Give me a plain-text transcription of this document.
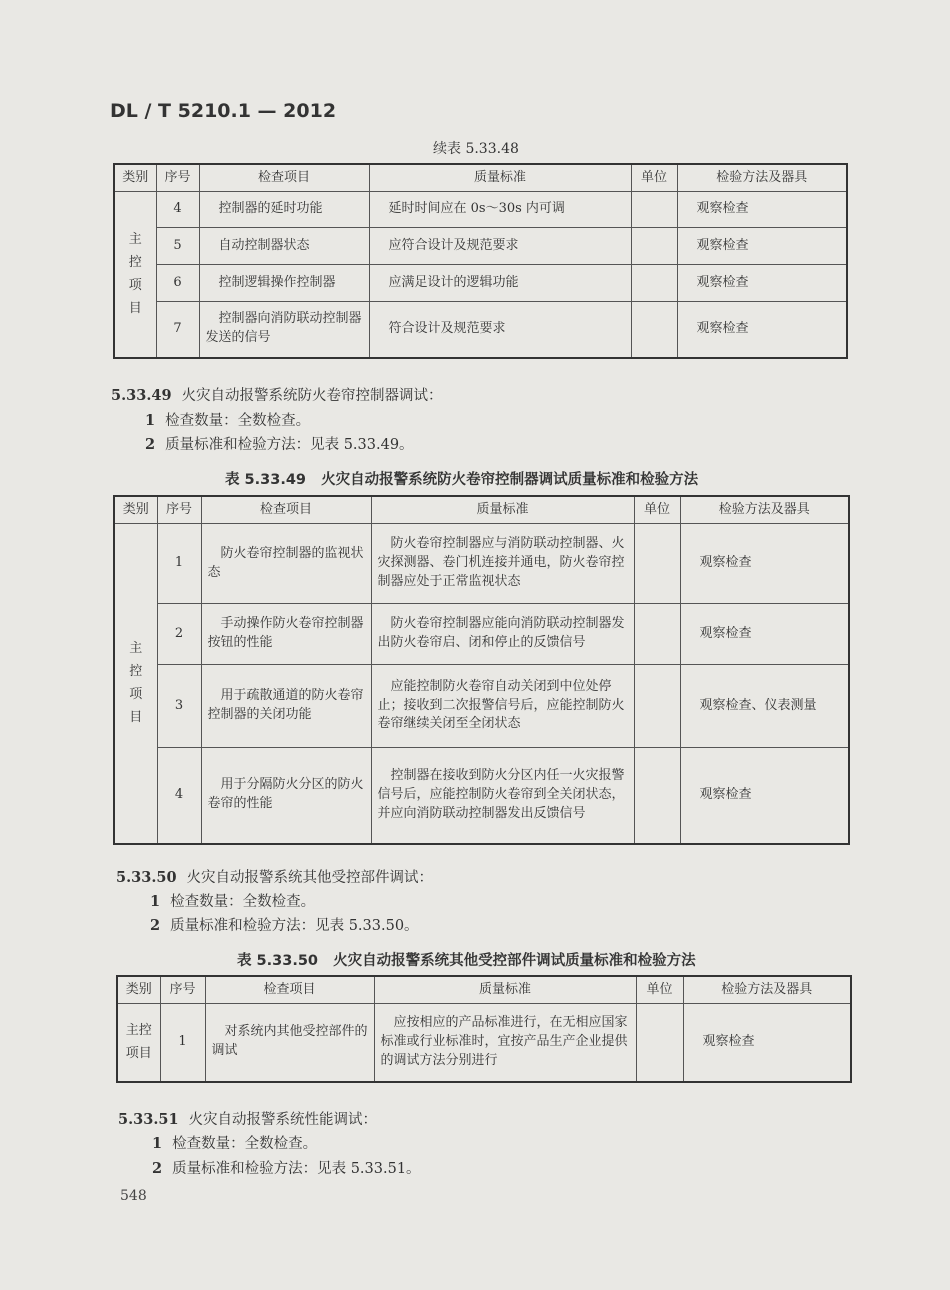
DL / T 5210.1 — 2012
续表 5.33.48
类别	序号	检查项目	质量标准	单位	检验方法及器具

主
控
项
目	4	控制器的延时功能	延时时间应在 0s～30s 内可调		观察检查
	5	自动控制器状态	应符合设计及规范要求		观察检查
	6	控制逻辑操作控制器	应满足设计的逻辑功能		观察检查
	7	控制器向消防联动控制器发送的信号	符合设计及规范要求		观察检查
5.33.49 火灾自动报警系统防火卷帘控制器调试：
1 检查数量：全数检查。
2 质量标准和检验方法：见表 5.33.49。
表 5.33.49 火灾自动报警系统防火卷帘控制器调试质量标准和检验方法
类别	序号	检查项目	质量标准	单位	检验方法及器具

主
控
项
目	1	防火卷帘控制器的监视状态	防火卷帘控制器应与消防联动控制器、火灾探测器、卷门机连接并通电，防火卷帘控制器应处于正常监视状态		观察检查
	2	手动操作防火卷帘控制器按钮的性能	防火卷帘控制器应能向消防联动控制器发出防火卷帘启、闭和停止的反馈信号		观察检查
	3	用于疏散通道的防火卷帘控制器的关闭功能	应能控制防火卷帘自动关闭到中位处停止；接收到二次报警信号后，应能控制防火卷帘继续关闭至全闭状态		观察检查、仪表测量
	4	用于分隔防火分区的防火卷帘的性能	控制器在接收到防火分区内任一火灾报警信号后，应能控制防火卷帘到全关闭状态，并应向消防联动控制器发出反馈信号		观察检查
5.33.50 火灾自动报警系统其他受控部件调试：
1 检查数量：全数检查。
2 质量标准和检验方法：见表 5.33.50。
表 5.33.50 火灾自动报警系统其他受控部件调试质量标准和检验方法
类别	序号	检查项目	质量标准	单位	检验方法及器具

主控
项目	1	对系统内其他受控部件的调试	应按相应的产品标准进行，在无相应国家标准或行业标准时，宜按产品生产企业提供的调试方法分别进行		观察检查
5.33.51 火灾自动报警系统性能调试：
1 检查数量：全数检查。
2 质量标准和检验方法：见表 5.33.51。
548
